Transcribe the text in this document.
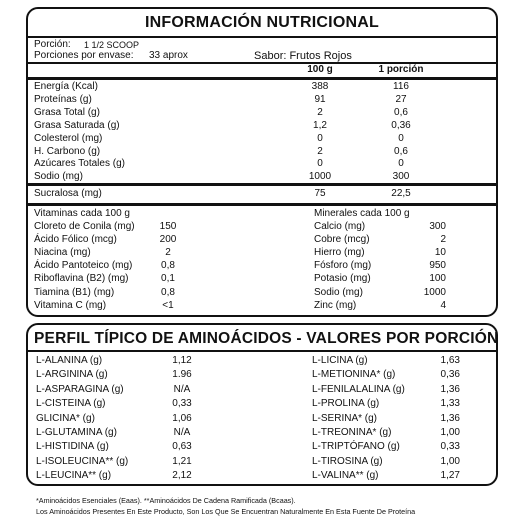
INFORMACIÓN NUTRICIONAL
Porción: 1 1/2 SCOOP
Porciones por envase: 33 aprox	Sabor: Frutos Rojos
100 g	1 porción
Energía (Kcal)	388	116
Proteínas (g)	91	27
Grasa Total (g)	2	0,6
Grasa Saturada (g)	1,2	0,36
Colesterol (mg)	0	0
H. Carbono (g)	2	0,6
Azúcares Totales (g)	0	0
Sodio (mg)	1000	300
Sucralosa (mg)	75	22,5
Vitaminas cada 100 g	Minerales cada 100 g
Cloreto de Conila (mg)	150
Ácido Fólico (mcg)	200
Niacina (mg)	2
Ácido Pantoteico (mg)	0,8
Riboflavina (B2) (mg)	0,1
Tiamina (B1) (mg)	0,8
Vitamina C (mg)	<1
Calcio (mg)	300
Cobre (mcg)	2
Hierro (mg)	10
Fósforo (mg)	950
Potasio (mg)	100
Sodio (mg)	1000
Zinc (mg)	4
PERFIL TÍPICO DE AMINOÁCIDOS - VALORES POR PORCIÓN
L-ALANINA (g)	1,12
L-ARGININA (g)	1.96
L-ASPARAGINA (g)	N/A
L-CISTEINA (g)	0,33
GLICINA* (g)	1,06
L-GLUTAMINA (g)	N/A
L-HISTIDINA (g)	0,63
L-ISOLEUCINA** (g)	1,21
L-LEUCINA** (g)	2,12
L-LICINA (g)	1,63
L-METIONINA* (g)	0,36
L-FENILALALINA (g)	1,36
L-PROLINA (g)	1,33
L-SERINA* (g)	1,36
L-TREONINA* (g)	1,00
L-TRIPTÓFANO (g)	0,33
L-TIROSINA (g)	1,00
L-VALINA** (g)	1,27
*Aminoácidos Esenciales (Eaas). **Aminoácidos De Cadena Ramificada (Bcaas).
Los Aminoácidos Presentes En Este Producto, Son Los Que Se Encuentran Naturalmente En Esta Fuente De Proteína
